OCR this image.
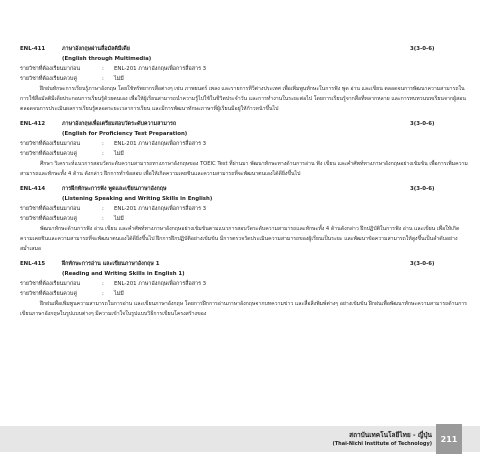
ENL-411	ภาษาอังกฤษผ่านสื่อมัลติมีเดีย	3(3-0-6)
(English through Multimedia)
รายวิชาที่ต้องเรียนมาก่อน	:	ENL-201 ภาษาอังกฤษเพื่อการสื่อสาร 3
รายวิชาที่ต้องเรียนควบคู่	:	ไม่มี
ฝึกฝนทักษะการเรียนรู้ภาษาอังกฤษ โดยใช้ทรัพยากรสื่อต่างๆ เช่น ภาพยนตร์ เพลง และรายการทีวีต่างประเทศ เพื่อเพิ่มพูนทักษะในการฟัง พูด อ่าน และเขียน ตลอดจนการพัฒนาความสามารถในการใช้สื่อมัลติมีเดียประกอบการเรียนรู้ด้วยตนเอง เพื่อให้ผู้เรียนสามารถนำความรู้ไปใช้ในชีวิตประจำวัน และการทำงานในระยะต่อไป โดยการเรียนรู้จากสื่อที่หลากหลาย และการทบทวนบทเรียนจากผู้สอน ตลอดจนการประเมินผลการเรียนรู้ตลอดระยะเวลาการเรียน และมีการพัฒนาทักษะภาษาที่ผู้เรียนมีอยู่ให้ก้าวหน้าขึ้นไป
ENL-412	ภาษาอังกฤษเพื่อเตรียมสอบวัดระดับความสามารถ	3(3-0-6)
(English for Proficiency Test Preparation)
รายวิชาที่ต้องเรียนมาก่อน	:	ENL-201 ภาษาอังกฤษเพื่อการสื่อสาร 3
รายวิชาที่ต้องเรียนควบคู่	:	ไม่มี
ศึกษา วิเคราะห์แนวการสอบวัดระดับความสามารถทางภาษาอังกฤษของ TOEIC Test ที่ผ่านมา พัฒนาทักษะทางด้านการอ่าน ฟัง เขียน และคำศัพท์ทางภาษาอังกฤษอย่างเข้มข้น เพื่อการเพิ่มความสามารถและทักษะทั้ง 4 ด้าน ดังกล่าว ฝึกการทำข้อสอบ เพื่อให้เกิดความเคยชินและความสามารถที่จะพัฒนาตนเองได้ดียิ่งขึ้นไป
ENL-414	การฝึกทักษะการฟัง พูดและเขียนภาษาอังกฤษ	3(3-0-6)
(Listening Speaking and Writing Skills in English)
รายวิชาที่ต้องเรียนมาก่อน	:	ENL-201 ภาษาอังกฤษเพื่อการสื่อสาร 3
รายวิชาที่ต้องเรียนควบคู่	:	ไม่มี
พัฒนาทักษะด้านการฟัง อ่าน เขียน และคำศัพท์ทางภาษาอังกฤษอย่างเข้มข้นตามแนวการสอบวัดระดับความสามารถและทักษะทั้ง 4 ด้านดังกล่าว ฝึกปฏิบัติในการฟัง อ่าน และเขียน เพื่อให้เกิดความเคยชินและความสามารถที่จะพัฒนาตนเองได้ดียิ่งขึ้นไป ฝึกการฝึกปฏิบัติอย่างเข้มข้น มีการตรวจวัดประเมินความสามารถของผู้เรียนเป็นระยะ และพัฒนาข้อความสามารถให้สูงขึ้นเป็นลำดับอย่างสม่ำเสมอ
ENL-415	ฝึกทักษะการอ่าน และเขียนภาษาอังกฤษ 1	3(3-0-6)
(Reading and Writing Skills in English 1)
รายวิชาที่ต้องเรียนมาก่อน	:	ENL-201 ภาษาอังกฤษเพื่อการสื่อสาร 3
รายวิชาที่ต้องเรียนควบคู่	:	ไม่มี
ฝึกฝนเพื่อเพิ่มพูนความสามารถในการอ่าน และเขียนภาษาอังกฤษ โดยการฝึกการอ่านภาษาอังกฤษจากบทความข่าว และสื่อสิ่งพิมพ์ต่างๆ อย่างเข้มข้น ฝึกฝนเพื่อพัฒนาทักษะความสามารถด้านการเขียนภาษาอังกฤษในรูปแบบต่างๆ มีความเข้าใจในรูปแบบวิธีการเขียนโครงสร้างของ
สถาบันเทคโนโลยีไทย - ญี่ปุ่น
(Thai-Nichi Institute of Technology)
211
